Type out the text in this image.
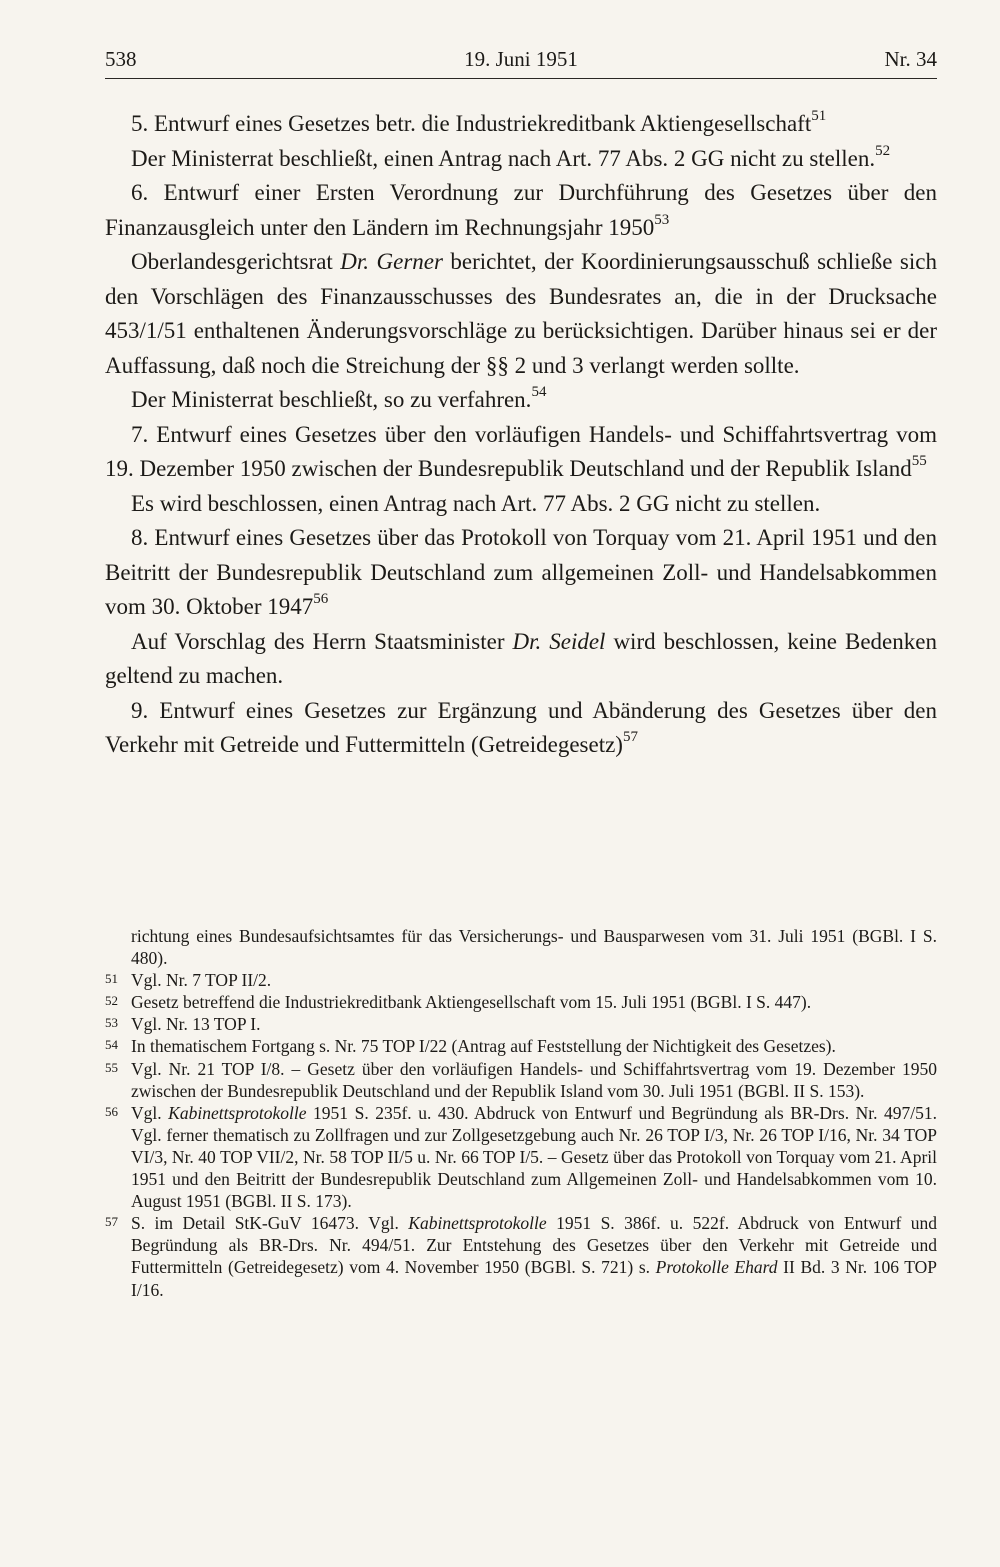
538	19. Juni 1951	Nr. 34

5. Entwurf eines Gesetzes betr. die Industriekreditbank Aktiengesellschaft$^{51}$

Der Ministerrat beschließt, einen Antrag nach Art. 77 Abs. 2 GG nicht zu stellen.$^{52}$

6. Entwurf einer Ersten Verordnung zur Durchführung des Gesetzes über den Finanzausgleich unter den Ländern im Rechnungsjahr 1950$^{53}$

Oberlandesgerichtsrat Dr. Gerner berichtet, der Koordinierungsausschuß schließe sich den Vorschlägen des Finanzausschusses des Bundesrates an, die in der Drucksache 453/1/51 enthaltenen Änderungsvorschläge zu berücksichtigen. Darüber hinaus sei er der Auffassung, daß noch die Streichung der §§ 2 und 3 verlangt werden sollte.

Der Ministerrat beschließt, so zu verfahren.$^{54}$

7. Entwurf eines Gesetzes über den vorläufigen Handels- und Schiffahrtsvertrag vom 19. Dezember 1950 zwischen der Bundesrepublik Deutschland und der Republik Island$^{55}$

Es wird beschlossen, einen Antrag nach Art. 77 Abs. 2 GG nicht zu stellen.

8. Entwurf eines Gesetzes über das Protokoll von Torquay vom 21. April 1951 und den Beitritt der Bundesrepublik Deutschland zum allgemeinen Zoll- und Handelsabkommen vom 30. Oktober 1947$^{56}$

Auf Vorschlag des Herrn Staatsminister Dr. Seidel wird beschlossen, keine Bedenken geltend zu machen.

9. Entwurf eines Gesetzes zur Ergänzung und Abänderung des Gesetzes über den Verkehr mit Getreide und Futtermitteln (Getreidegesetz)$^{57}$

richtung eines Bundesaufsichtsamtes für das Versicherungs- und Bausparwesen vom 31. Juli 1951 (BGBl. I S. 480).

51 Vgl. Nr. 7 TOP II/2.

52 Gesetz betreffend die Industriekreditbank Aktiengesellschaft vom 15. Juli 1951 (BGBl. I S. 447).

53 Vgl. Nr. 13 TOP I.

54 In thematischem Fortgang s. Nr. 75 TOP I/22 (Antrag auf Feststellung der Nichtigkeit des Gesetzes).

55 Vgl. Nr. 21 TOP I/8. – Gesetz über den vorläufigen Handels- und Schiffahrtsvertrag vom 19. Dezember 1950 zwischen der Bundesrepublik Deutschland und der Republik Island vom 30. Juli 1951 (BGBl. II S. 153).

56 Vgl. Kabinettsprotokolle 1951 S. 235f. u. 430. Abdruck von Entwurf und Begründung als BR-Drs. Nr. 497/51. Vgl. ferner thematisch zu Zollfragen und zur Zollgesetzgebung auch Nr. 26 TOP I/3, Nr. 26 TOP I/16, Nr. 34 TOP VI/3, Nr. 40 TOP VII/2, Nr. 58 TOP II/5 u. Nr. 66 TOP I/5. – Gesetz über das Protokoll von Torquay vom 21. April 1951 und den Beitritt der Bundesrepublik Deutschland zum Allgemeinen Zoll- und Handelsabkommen vom 10. August 1951 (BGBl. II S. 173).

57 S. im Detail StK-GuV 16473. Vgl. Kabinettsprotokolle 1951 S. 386f. u. 522f. Abdruck von Entwurf und Begründung als BR-Drs. Nr. 494/51. Zur Entstehung des Gesetzes über den Verkehr mit Getreide und Futtermitteln (Getreidegesetz) vom 4. November 1950 (BGBl. S. 721) s. Protokolle Ehard II Bd. 3 Nr. 106 TOP I/16.
